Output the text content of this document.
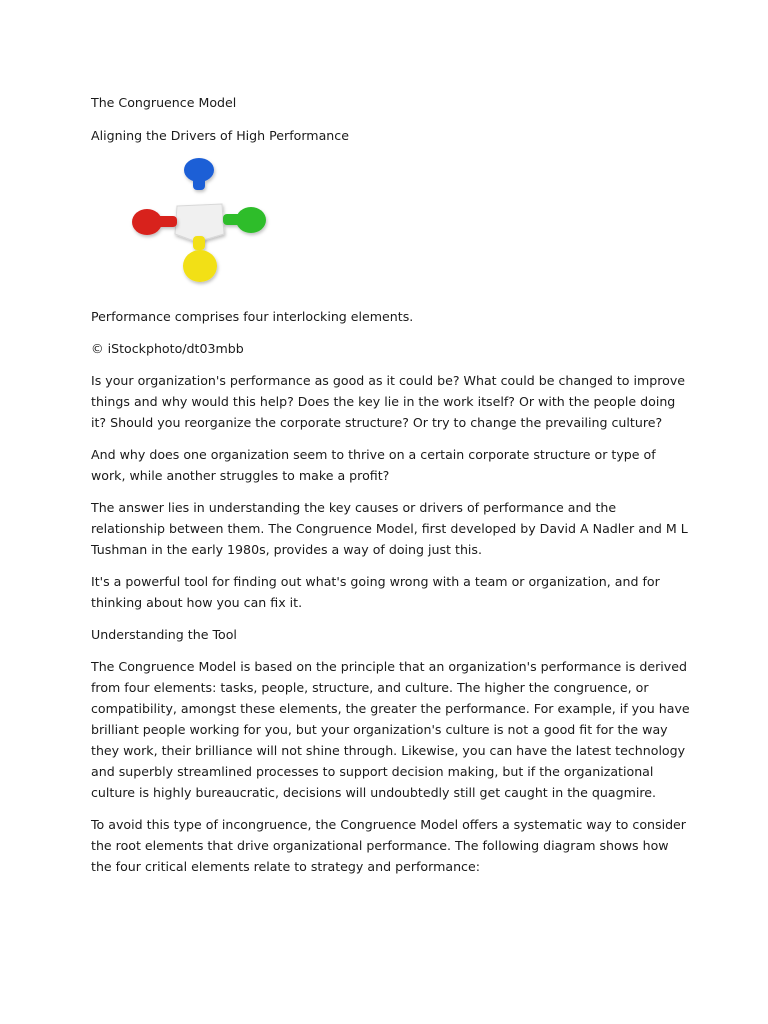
The Congruence Model

Aligning the Drivers of High Performance

Performance comprises four interlocking elements.

© iStockphoto/dt03mbb

Is your organization's performance as good as it could be? What could be changed to improve things and why would this help? Does the key lie in the work itself? Or with the people doing it? Should you reorganize the corporate structure? Or try to change the prevailing culture?

And why does one organization seem to thrive on a certain corporate structure or type of work, while another struggles to make a profit?

The answer lies in understanding the key causes or drivers of performance and the relationship between them. The Congruence Model, first developed by David A Nadler and M L Tushman in the early 1980s, provides a way of doing just this.

It's a powerful tool for finding out what's going wrong with a team or organization, and for thinking about how you can fix it.

Understanding the Tool

The Congruence Model is based on the principle that an organization's performance is derived from four elements: tasks, people, structure, and culture. The higher the congruence, or compatibility, amongst these elements, the greater the performance. For example, if you have brilliant people working for you, but your organization's culture is not a good fit for the way they work, their brilliance will not shine through. Likewise, you can have the latest technology and superbly streamlined processes to support decision making, but if the organizational culture is highly bureaucratic, decisions will undoubtedly still get caught in the quagmire.

To avoid this type of incongruence, the Congruence Model offers a systematic way to consider the root elements that drive organizational performance. The following diagram shows how the four critical elements relate to strategy and performance:
